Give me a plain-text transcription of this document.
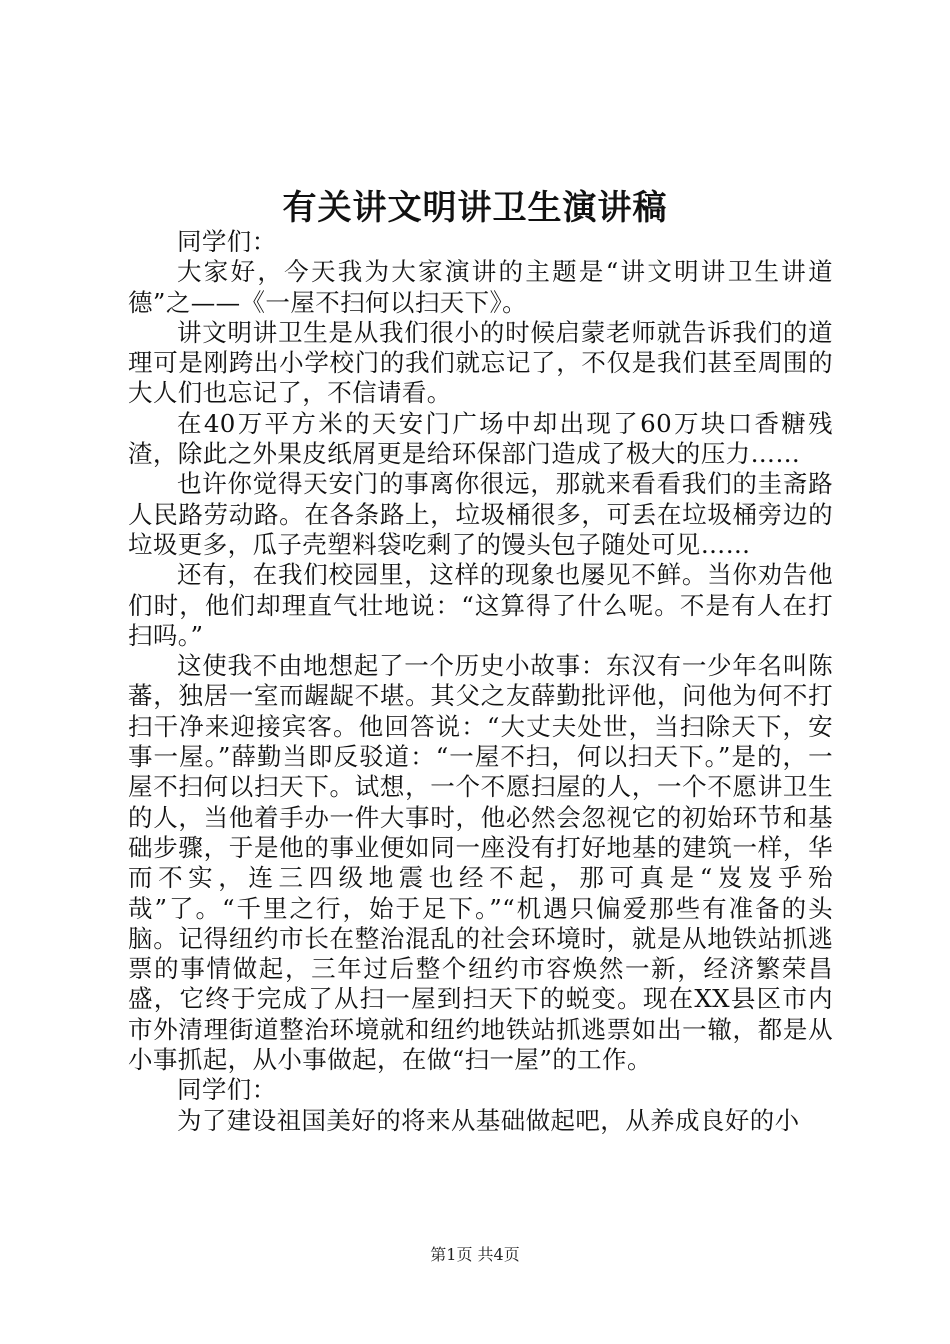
有关讲文明讲卫生演讲稿

同学们：

大家好，今天我为大家演讲的主题是“讲文明讲卫生讲道德”之——《一屋不扫何以扫天下》。

讲文明讲卫生是从我们很小的时候启蒙老师就告诉我们的道理可是刚跨出小学校门的我们就忘记了，不仅是我们甚至周围的大人们也忘记了，不信请看。

在40万平方米的天安门广场中却出现了60万块口香糖残渣，除此之外果皮纸屑更是给环保部门造成了极大的压力……

也许你觉得天安门的事离你很远，那就来看看我们的圭斋路人民路劳动路。在各条路上，垃圾桶很多，可丢在垃圾桶旁边的垃圾更多，瓜子壳塑料袋吃剩了的馒头包子随处可见……

还有，在我们校园里，这样的现象也屡见不鲜。当你劝告他们时，他们却理直气壮地说：“这算得了什么呢。不是有人在打扫吗。”

这使我不由地想起了一个历史小故事：东汉有一少年名叫陈蕃，独居一室而龌龊不堪。其父之友薛勤批评他，问他为何不打扫干净来迎接宾客。他回答说：“大丈夫处世，当扫除天下，安事一屋。”薛勤当即反驳道：“一屋不扫，何以扫天下。”是的，一屋不扫何以扫天下。试想，一个不愿扫屋的人，一个不愿讲卫生的人，当他着手办一件大事时，他必然会忽视它的初始环节和基础步骤，于是他的事业便如同一座没有打好地基的建筑一样，华而不实，连三四级地震也经不起，那可真是“岌岌乎殆哉”了。“千里之行，始于足下。”“机遇只偏爱那些有准备的头脑。记得纽约市长在整治混乱的社会环境时，就是从地铁站抓逃票的事情做起，三年过后整个纽约市容焕然一新，经济繁荣昌盛，它终于完成了从扫一屋到扫天下的蜕变。现在XX县区市内市外清理街道整治环境就和纽约地铁站抓逃票如出一辙，都是从小事抓起，从小事做起，在做“扫一屋”的工作。

同学们：

为了建设祖国美好的将来从基础做起吧，从养成良好的小

第1页 共4页
